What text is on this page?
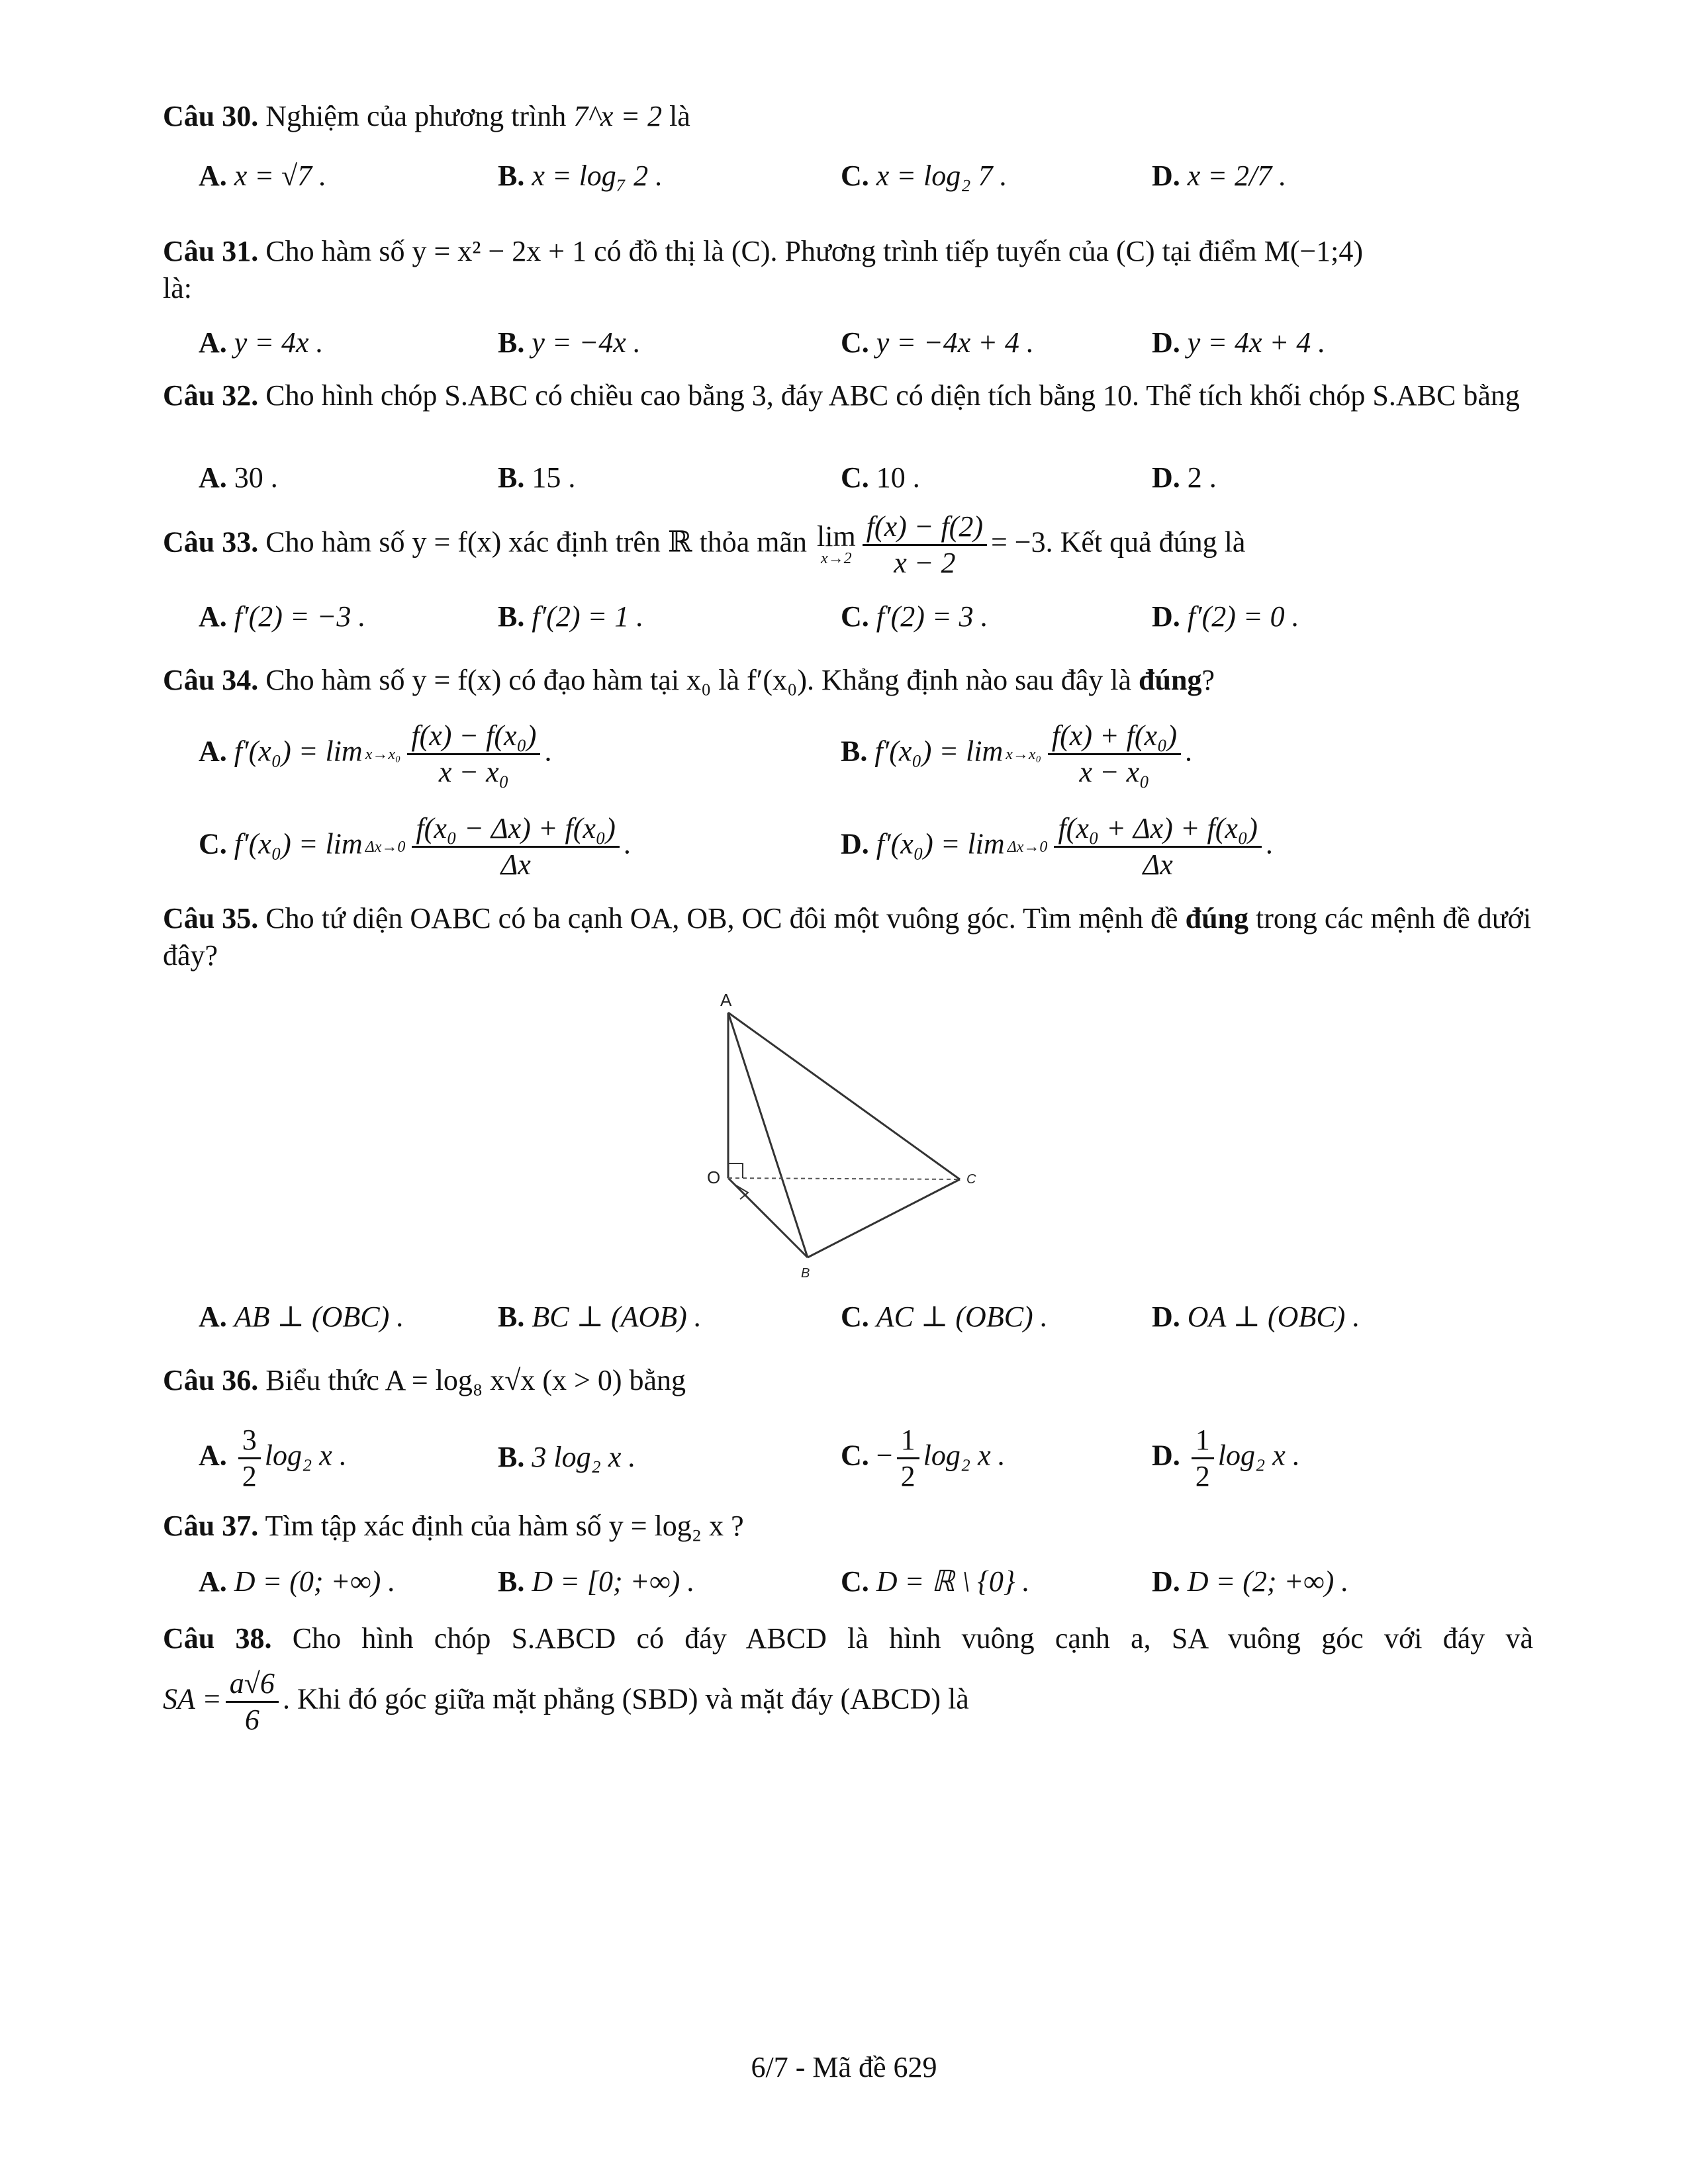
Câu 30. Nghiệm của phương trình 7^x = 2 là
A. x = √7 .	B. x = log₇ 2 .	C. x = log₂ 7 .	D. x = 2/7 .
Câu 31. Cho hàm số y = x² − 2x + 1 có đồ thị là (C). Phương trình tiếp tuyến của (C) tại điểm M(−1;4)
là:
A. y = 4x .	B. y = −4x .	C. y = −4x + 4 .	D. y = 4x + 4 .
Câu 32. Cho hình chóp S.ABC có chiều cao bằng 3, đáy ABC có diện tích bằng 10. Thể tích khối chóp S.ABC bằng
A. 30 .	B. 15 .	C. 10 .	D. 2 .
Câu 33. Cho hàm số y = f(x) xác định trên ℝ thỏa mãn lim
$x\to 2 \frac{f(x) - f(2)}{x - 2} = -3$. Kết quả đúng là
A. f′(2) = −3 .	B. f′(2) = 1 .	C. f′(2) = 3 .	D. f′(2) = 0 .
Câu 34. Cho hàm số y = f(x) có đạo hàm tại x₀ là f′(x₀). Khẳng định nào sau đây là đúng?
A. $f'(x_0) = \lim x\to x_0 \frac{\text{f(x) − f(x₀)}}{\text{x − x₀}}$ .	B. $f'(x_0) = \lim x\to x_0 \frac{\text{f(x) + f(x₀)}}{\text{x − x₀}}$ .
C. $f'(x_0) = \lim \Delta x\to 0 \frac{\text{f(x₀ − Δx) + f(x₀)}}{\Delta x}$ .	D. $f'(x_0) = \lim \Delta x\to 0 \frac{\text{f(x₀ + Δx) + f(x₀)}}{\Delta x}$ .
Câu 35. Cho tứ diện OABC có ba cạnh OA, OB, OC đôi một vuông góc. Tìm mệnh đề đúng trong các mệnh đề dưới đây?
A
O
B
C
A. AB ⊥ (OBC) .	B. BC ⊥ (AOB) .	C. AC ⊥ (OBC) .	D. OA ⊥ (OBC) .
Câu 36. Biểu thức A = log₈ x√x (x > 0) bằng
A. $\frac{3}{2} \log_2$ x .	B. 3 log₂ x .	C. − $\frac{1}{2} \log_2$ x .	D. $\frac{1}{2} \log_2$ x .
Câu 37. Tìm tập xác định của hàm số y = log₂ x ?
A. D = (0; +∞) .	B. D = [0; +∞) .	C. D = ℝ \ {0} .	D. D = (2; +∞) .
Câu 38. Cho hình chóp S.ABCD có đáy ABCD là hình vuông cạnh a, SA vuông góc với đáy và
SA = $\frac{a√6}{6}$ . Khi đó góc giữa mặt phẳng (SBD) và mặt đáy (ABCD) là
6/7 - Mã đề 629
